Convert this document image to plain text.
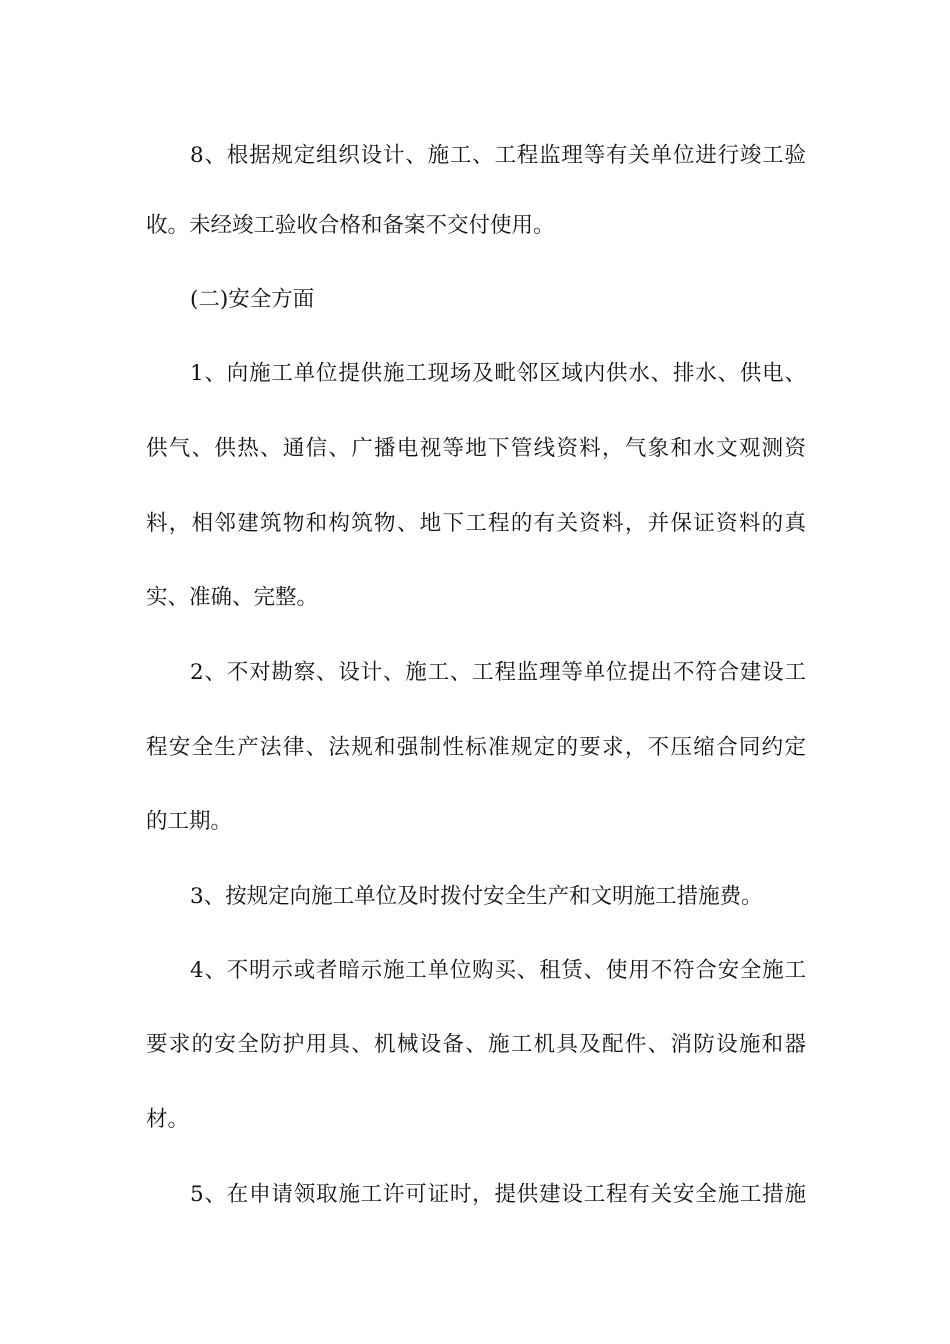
8、根据规定组织设计、施工、工程监理等有关单位进行竣工验
收。未经竣工验收合格和备案不交付使用。
(二)安全方面
1、向施工单位提供施工现场及毗邻区域内供水、排水、供电、
供气、供热、通信、广播电视等地下管线资料，气象和水文观测资
料，相邻建筑物和构筑物、地下工程的有关资料，并保证资料的真
实、准确、完整。
2、不对勘察、设计、施工、工程监理等单位提出不符合建设工
程安全生产法律、法规和强制性标准规定的要求，不压缩合同约定
的工期。
3、按规定向施工单位及时拨付安全生产和文明施工措施费。
4、不明示或者暗示施工单位购买、租赁、使用不符合安全施工
要求的安全防护用具、机械设备、施工机具及配件、消防设施和器
材。
5、在申请领取施工许可证时，提供建设工程有关安全施工措施
